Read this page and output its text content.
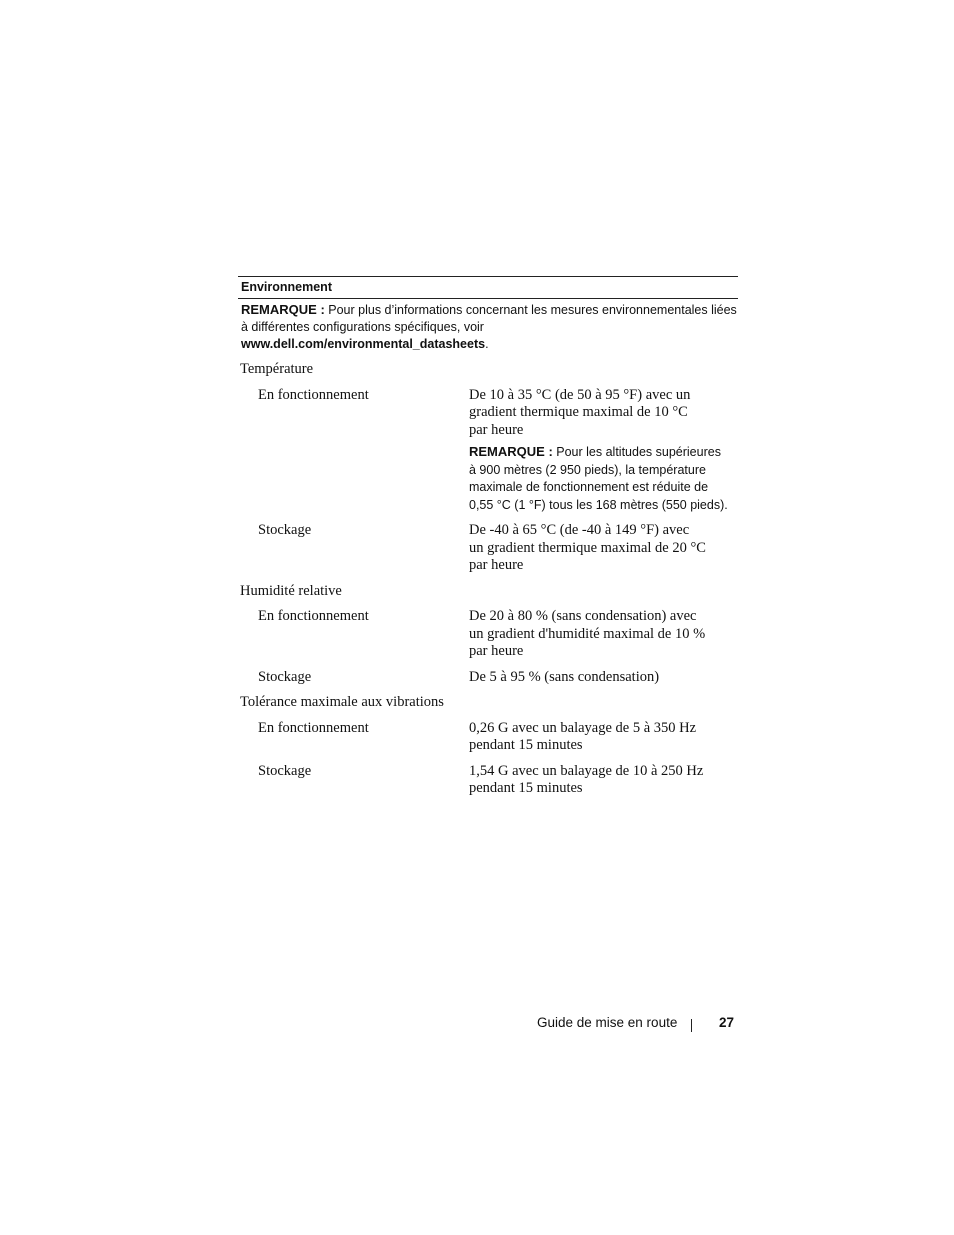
Environnement
REMARQUE : Pour plus d’informations concernant les mesures environnementales liées à différentes configurations spécifiques, voir
www.dell.com/environmental_datasheets.
Température
En fonctionnement	De 10 à 35 °C (de 50 à 95 °F) avec un
gradient thermique maximal de 10 °C
par heure
REMARQUE : Pour les altitudes supérieures
à 900 mètres (2 950 pieds), la température
maximale de fonctionnement est réduite de
0,55 °C (1 °F) tous les 168 mètres (550 pieds).
Stockage	De -40 à 65 °C (de -40 à 149 °F) avec
un gradient thermique maximal de 20 °C
par heure
Humidité relative
En fonctionnement	De 20 à 80 % (sans condensation) avec
un gradient d'humidité maximal de 10 %
par heure
Stockage	De 5 à 95 % (sans condensation)
Tolérance maximale aux vibrations
En fonctionnement	0,26 G avec un balayage de 5 à 350 Hz
pendant 15 minutes
Stockage	1,54 G avec un balayage de 10 à 250 Hz
pendant 15 minutes
Guide de mise en route	27
